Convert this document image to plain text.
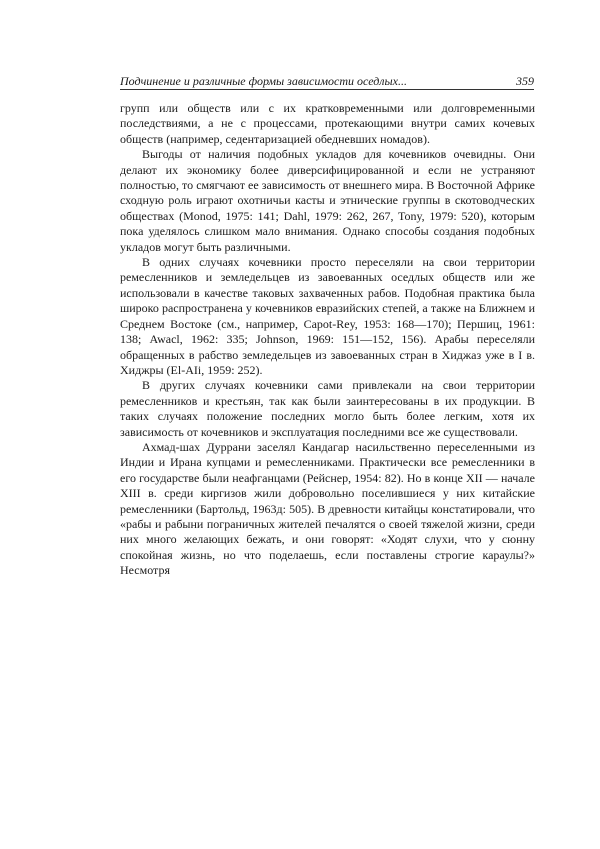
Подчинение и различные формы зависимости оседлых...	359

групп или обществ или с их кратковременными или долговременными последствиями, а не с процессами, протекающими внутри самих кочевых обществ (например, седентаризацией обедневших номадов).

Выгоды от наличия подобных укладов для кочевников очевидны. Они делают их экономику более диверсифицированной и если не устраняют полностью, то смягчают ее зависимость от внешнего мира. В Восточной Африке сходную роль играют охотничьи касты и этнические группы в скотоводческих обществах (Monod, 1975: 141; Dahl, 1979: 262, 267, Tony, 1979: 520), которым пока уделялось слишком мало внимания. Однако способы создания подобных укладов могут быть различными.

В одних случаях кочевники просто переселяли на свои территории ремесленников и земледельцев из завоеванных оседлых обществ или же использовали в качестве таковых захваченных рабов. Подобная практика была широко распространена у кочевников евразийских степей, а также на Ближнем и Среднем Востоке (см., например, Capot-Rey, 1953: 168—170); Першиц, 1961: 138; Awacl, 1962: 335; Johnson, 1969: 151—152, 156). Арабы переселяли обращенных в рабство земледельцев из завоеванных стран в Хиджаз уже в I в. Хиджры (El-AIi, 1959: 252).

В других случаях кочевники сами привлекали на свои территории ремесленников и крестьян, так как были заинтересованы в их продукции. В таких случаях положение последних могло быть более легким, хотя их зависимость от кочевников и эксплуатация последними все же существовали.

Ахмад-шах Дуррани заселял Кандагар насильственно переселенными из Индии и Ирана купцами и ремесленниками. Практически все ремесленники в его государстве были неафганцами (Рейснер, 1954: 82). Но в конце XII — начале XIII в. среди киргизов жили добровольно поселившиеся у них китайские ремесленники (Бартольд, 1963д: 505). В древности китайцы констатировали, что «рабы и рабыни пограничных жителей печалятся о своей тяжелой жизни, среди них много желающих бежать, и они говорят: «Ходят слухи, что у сюнну спокойная жизнь, но что поделаешь, если поставлены строгие караулы?» Несмотря
